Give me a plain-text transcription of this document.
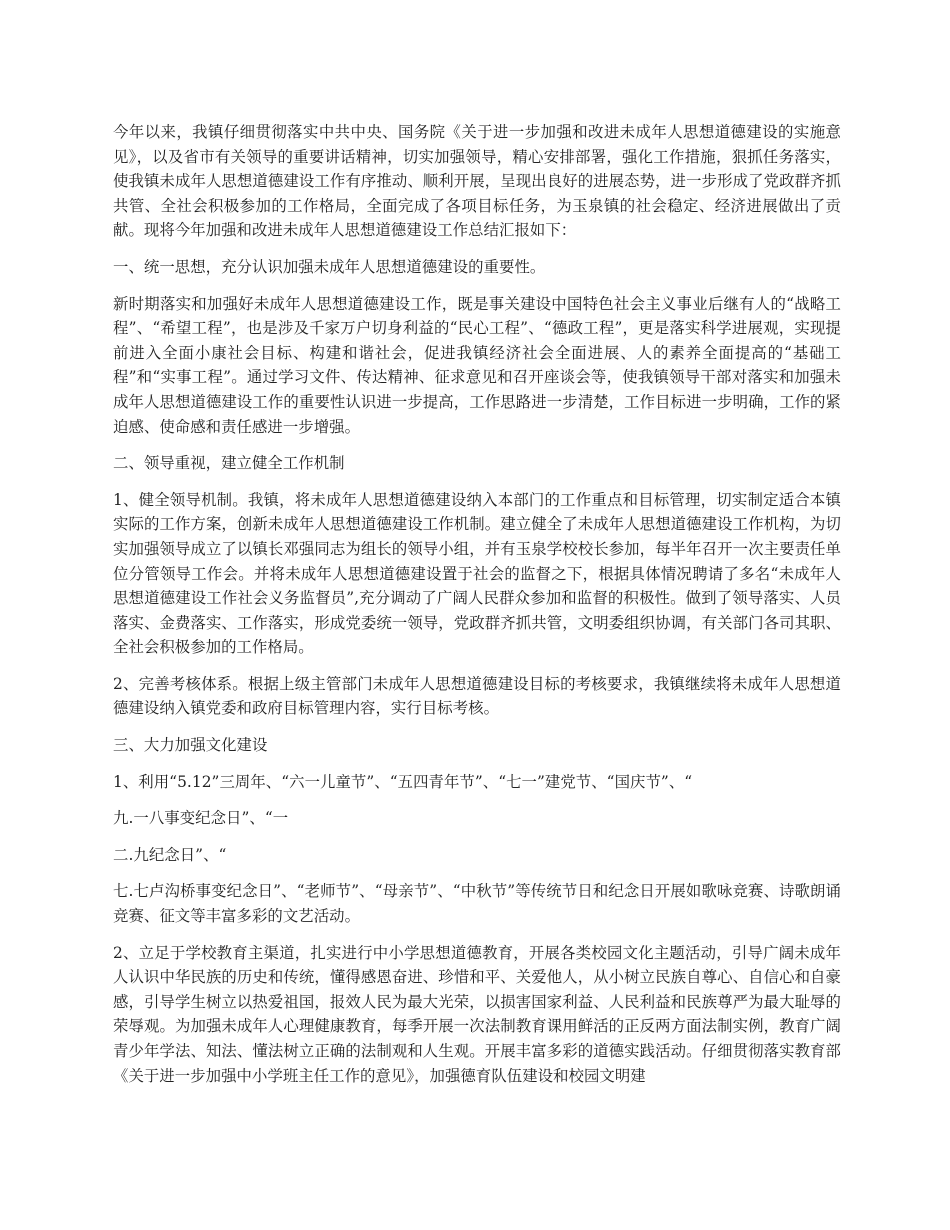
今年以来，我镇仔细贯彻落实中共中央、国务院《关于进一步加强和改进未成年人思想道德建设的实施意见》，以及省市有关领导的重要讲话精神，切实加强领导，精心安排部署，强化工作措施，狠抓任务落实，使我镇未成年人思想道德建设工作有序推动、顺利开展，呈现出良好的进展态势，进一步形成了党政群齐抓共管、全社会积极参加的工作格局，全面完成了各项目标任务，为玉泉镇的社会稳定、经济进展做出了贡献。现将今年加强和改进未成年人思想道德建设工作总结汇报如下：

一、统一思想，充分认识加强未成年人思想道德建设的重要性。

新时期落实和加强好未成年人思想道德建设工作，既是事关建设中国特色社会主义事业后继有人的“战略工程”、“希望工程”，也是涉及千家万户切身利益的“民心工程”、“德政工程”，更是落实科学进展观，实现提前进入全面小康社会目标、构建和谐社会，促进我镇经济社会全面进展、人的素养全面提高的“基础工程”和“实事工程”。通过学习文件、传达精神、征求意见和召开座谈会等，使我镇领导干部对落实和加强未成年人思想道德建设工作的重要性认识进一步提高，工作思路进一步清楚，工作目标进一步明确，工作的紧迫感、使命感和责任感进一步增强。

二、领导重视，建立健全工作机制

1、健全领导机制。我镇，将未成年人思想道德建设纳入本部门的工作重点和目标管理，切实制定适合本镇实际的工作方案，创新未成年人思想道德建设工作机制。建立健全了未成年人思想道德建设工作机构，为切实加强领导成立了以镇长邓强同志为组长的领导小组，并有玉泉学校校长参加，每半年召开一次主要责任单位分管领导工作会。并将未成年人思想道德建设置于社会的监督之下，根据具体情况聘请了多名“未成年人思想道德建设工作社会义务监督员”,充分调动了广阔人民群众参加和监督的积极性。做到了领导落实、人员落实、金费落实、工作落实，形成党委统一领导，党政群齐抓共管，文明委组织协调，有关部门各司其职、全社会积极参加的工作格局。

2、完善考核体系。根据上级主管部门未成年人思想道德建设目标的考核要求，我镇继续将未成年人思想道德建设纳入镇党委和政府目标管理内容，实行目标考核。

三、大力加强文化建设

1、利用“5.12”三周年、“六一儿童节”、“五四青年节”、“七一”建党节、“国庆节”、“

九.一八事变纪念日”、“一

二.九纪念日”、“

七.七卢沟桥事变纪念日”、“老师节”、“母亲节”、“中秋节”等传统节日和纪念日开展如歌咏竞赛、诗歌朗诵竞赛、征文等丰富多彩的文艺活动。

2、立足于学校教育主渠道，扎实进行中小学思想道德教育，开展各类校园文化主题活动，引导广阔未成年人认识中华民族的历史和传统，懂得感恩奋进、珍惜和平、关爱他人，从小树立民族自尊心、自信心和自豪感，引导学生树立以热爱祖国，报效人民为最大光荣，以损害国家利益、人民利益和民族尊严为最大耻辱的荣辱观。为加强未成年人心理健康教育，每季开展一次法制教育课用鲜活的正反两方面法制实例，教育广阔青少年学法、知法、懂法树立正确的法制观和人生观。开展丰富多彩的道德实践活动。仔细贯彻落实教育部《关于进一步加强中小学班主任工作的意见》，加强德育队伍建设和校园文明建
